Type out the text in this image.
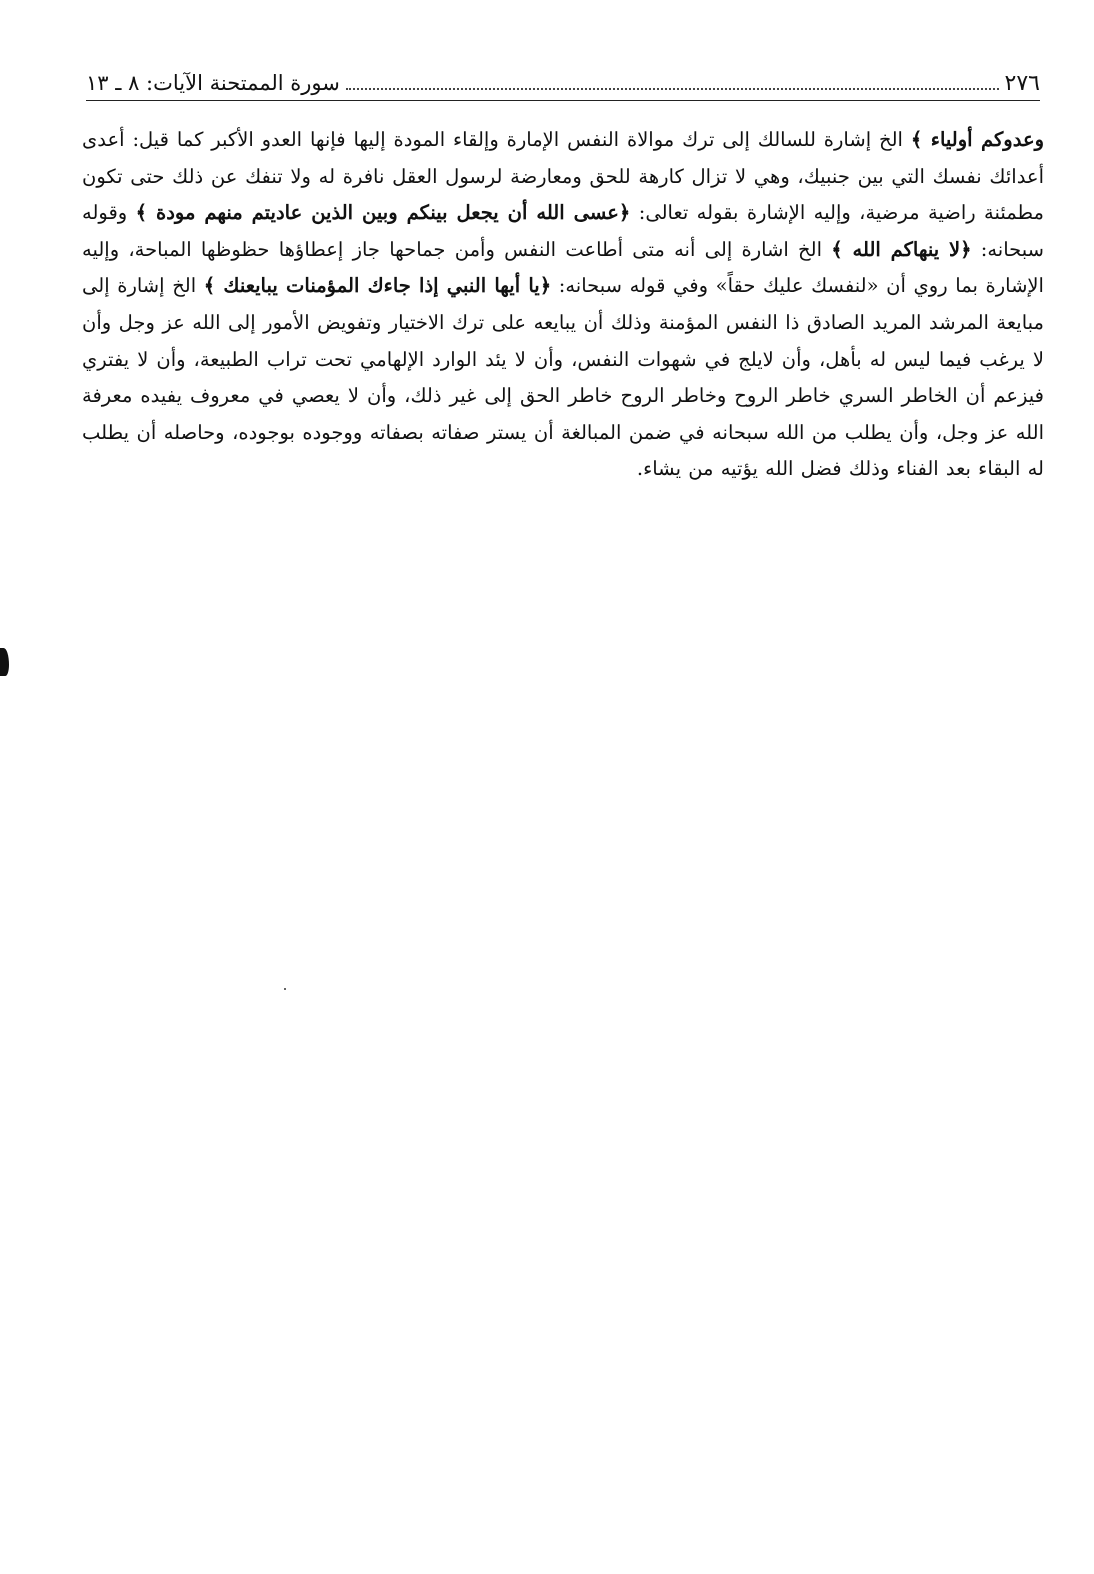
٢٧٦
سورة الممتحنة الآيات: ٨ ـ ١٣

وعدوكم أولياء ﴾ الخ إشارة للسالك إلى ترك موالاة النفس الإمارة وإلقاء المودة إليها فإنها العدو الأكبر كما قيل: أعدى أعدائك نفسك التي بين جنبيك، وهي لا تزال كارهة للحق ومعارضة لرسول العقل نافرة له ولا تنفك عن ذلك حتى تكون مطمئنة راضية مرضية، وإليه الإشارة بقوله تعالى: ﴿عسى الله أن يجعل بينكم وبين الذين عاديتم منهم مودة ﴾ وقوله سبحانه: ﴿لا ينهاكم الله ﴾ الخ اشارة إلى أنه متى أطاعت النفس وأمن جماحها جاز إعطاؤها حظوظها المباحة، وإليه الإشارة بما روي أن «لنفسك عليك حقاً» وفي قوله سبحانه: ﴿يا أيها النبي إذا جاءك المؤمنات يبايعنك ﴾ الخ إشارة إلى مبايعة المرشد المريد الصادق ذا النفس المؤمنة وذلك أن يبايعه على ترك الاختيار وتفويض الأمور إلى الله عز وجل وأن لا يرغب فيما ليس له بأهل، وأن لايلج في شهوات النفس، وأن لا يئد الوارد الإلهامي تحت تراب الطبيعة، وأن لا يفتري فيزعم أن الخاطر السري خاطر الروح وخاطر الروح خاطر الحق إلى غير ذلك، وأن لا يعصي في معروف يفيده معرفة الله عز وجل، وأن يطلب من الله سبحانه في ضمن المبالغة أن يستر صفاته بصفاته ووجوده بوجوده، وحاصله أن يطلب له البقاء بعد الفناء وذلك فضل الله يؤتيه من يشاء.
